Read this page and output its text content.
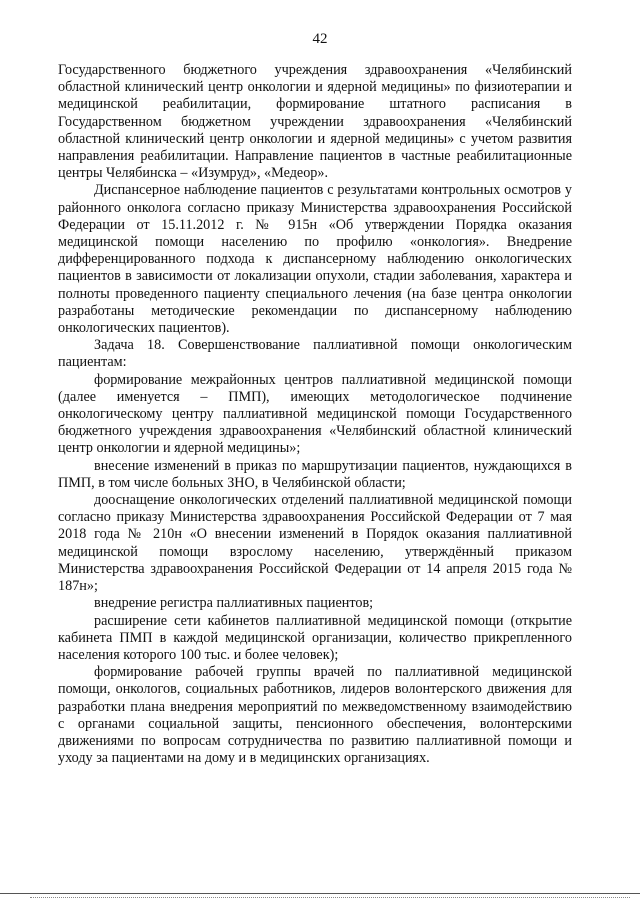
42

Государственного бюджетного учреждения здравоохранения «Челябинский областной клинический центр онкологии и ядерной медицины» по физиотерапии и медицинской реабилитации, формирование штатного расписания в Государственном бюджетном учреждении здравоохранения «Челябинский областной клинический центр онкологии и ядерной медицины» с учетом развития направления реабилитации. Направление пациентов в частные реабилитационные центры Челябинска – «Изумруд», «Медеор».

Диспансерное наблюдение пациентов с результатами контрольных осмотров у районного онколога согласно приказу Министерства здравоохранения Российской Федерации от 15.11.2012 г. № 915н «Об утверждении Порядка оказания медицинской помощи населению по профилю «онкология». Внедрение дифференцированного подхода к диспансерному наблюдению онкологических пациентов в зависимости от локализации опухоли, стадии заболевания, характера и полноты проведенного пациенту специального лечения (на базе центра онкологии разработаны методические рекомендации по диспансерному наблюдению онкологических пациентов).

Задача 18. Совершенствование паллиативной помощи онкологическим пациентам:

формирование межрайонных центров паллиативной медицинской помощи (далее именуется – ПМП), имеющих методологическое подчинение онкологическому центру паллиативной медицинской помощи Государственного бюджетного учреждения здравоохранения «Челябинский областной клинический центр онкологии и ядерной медицины»;

внесение изменений в приказ по маршрутизации пациентов, нуждающихся в ПМП, в том числе больных ЗНО, в Челябинской области;

дооснащение онкологических отделений паллиативной медицинской помощи согласно приказу Министерства здравоохранения Российской Федерации от 7 мая 2018 года № 210н «О внесении изменений в Порядок оказания паллиативной медицинской помощи взрослому населению, утверждённый приказом Министерства здравоохранения Российской Федерации от 14 апреля 2015 года № 187н»;

внедрение регистра паллиативных пациентов;

расширение сети кабинетов паллиативной медицинской помощи (открытие кабинета ПМП в каждой медицинской организации, количество прикрепленного населения которого 100 тыс. и более человек);

формирование рабочей группы врачей по паллиативной медицинской помощи, онкологов, социальных работников, лидеров волонтерского движения для разработки плана внедрения мероприятий по межведомственному взаимодействию с органами социальной защиты, пенсионного обеспечения, волонтерскими движениями по вопросам сотрудничества по развитию паллиативной помощи и уходу за пациентами на дому и в медицинских организациях.
